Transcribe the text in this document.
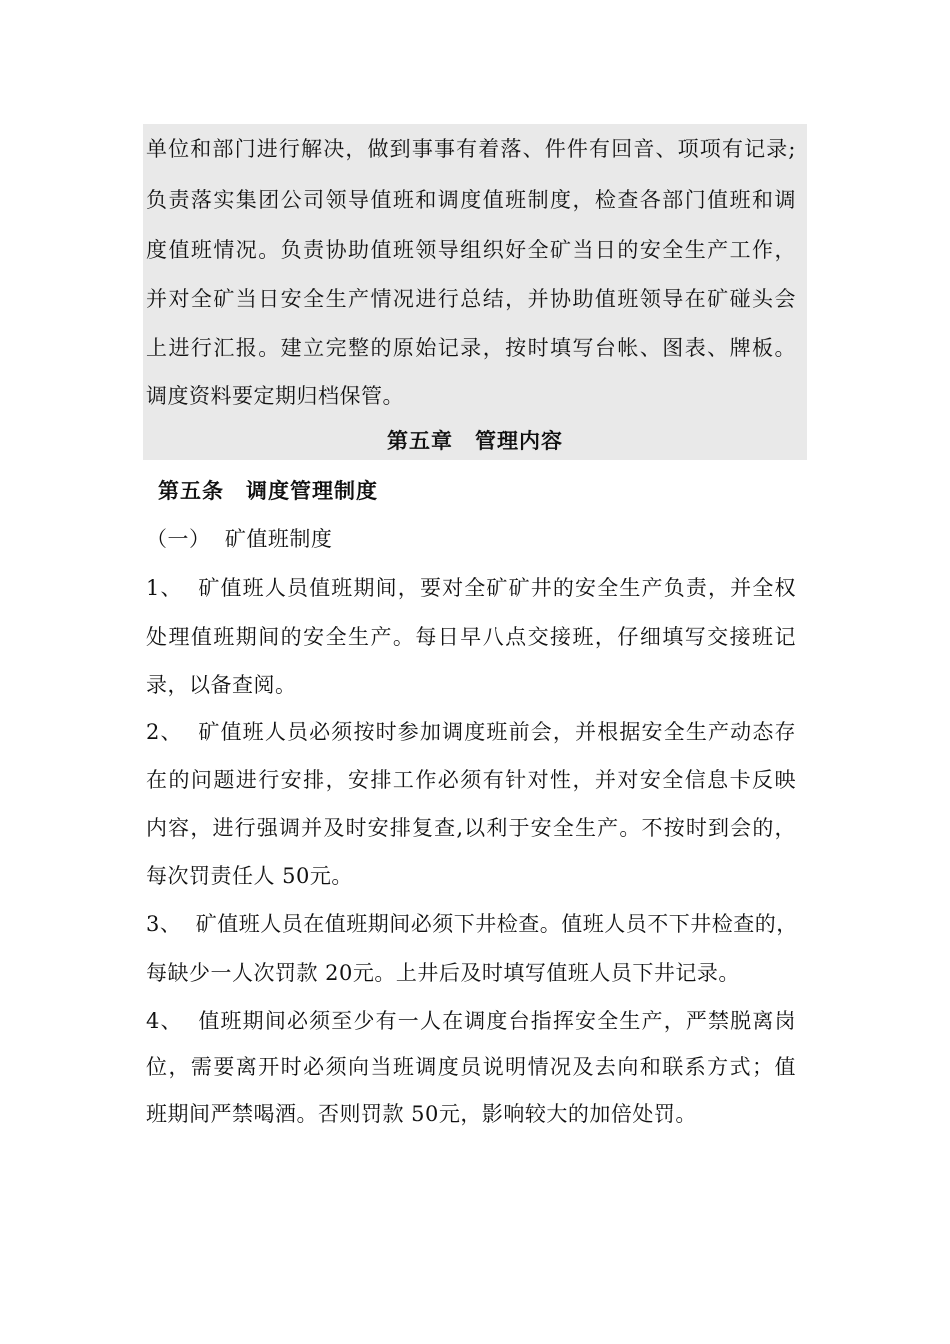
单位和部门进行解决，做到事事有着落、件件有回音、项项有记录;
负责落实集团公司领导值班和调度值班制度，检查各部门值班和调
度值班情况。负责协助值班领导组织好全矿当日的安全生产工作，
并对全矿当日安全生产情况进行总结，并协助值班领导在矿碰头会
上进行汇报。建立完整的原始记录，按时填写台帐、图表、牌板。
调度资料要定期归档保管。
第五章　管理内容
第五条　调度管理制度
（一）  矿值班制度
1、  矿值班人员值班期间，要对全矿矿井的安全生产负责，并全权
处理值班期间的安全生产。每日早八点交接班，仔细填写交接班记
录，以备查阅。
2、  矿值班人员必须按时参加调度班前会，并根据安全生产动态存
在的问题进行安排，安排工作必须有针对性，并对安全信息卡反映
内容，进行强调并及时安排复查,以利于安全生产。不按时到会的，
每次罚责任人 50元。
3、  矿值班人员在值班期间必须下井检查。值班人员不下井检查的，
每缺少一人次罚款 20元。上井后及时填写值班人员下井记录。
4、  值班期间必须至少有一人在调度台指挥安全生产，严禁脱离岗
位，需要离开时必须向当班调度员说明情况及去向和联系方式；值
班期间严禁喝酒。否则罚款 50元，影响较大的加倍处罚。
